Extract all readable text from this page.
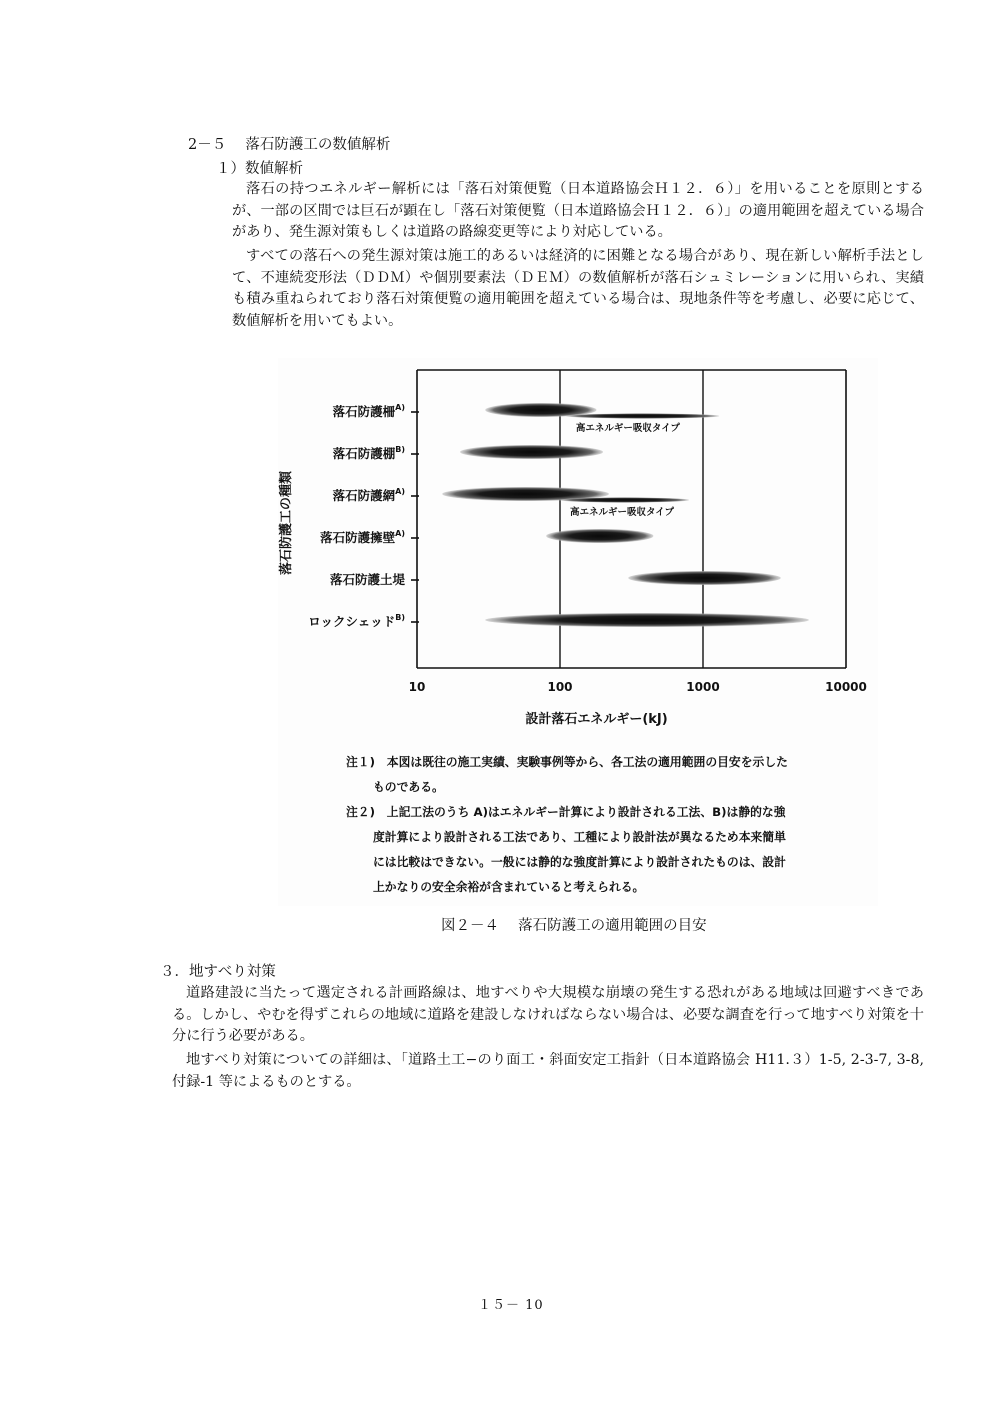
2－５　 落石防護工の数値解析
１）数値解析
落石の持つエネルギー解析には「落石対策便覧（日本道路協会Ｈ１２．６）」を用いることを原則とするが、一部の区間では巨石が顕在し「落石対策便覧（日本道路協会Ｈ１２．６）」の適用範囲を超えている場合があり、発生源対策もしくは道路の路線変更等により対応している。
すべての落石への発生源対策は施工的あるいは経済的に困難となる場合があり、現在新しい解析手法として、不連続変形法（ＤＤＭ）や個別要素法（ＤＥＭ）の数値解析が落石シュミレーションに用いられ、実績も積み重ねられており落石対策便覧の適用範囲を超えている場合は、現地条件等を考慮し、必要に応じて、数値解析を用いてもよい。
10	100	1000	10000
設計落石エネルギー(kJ)
落石防護工の種類
落石防護柵$^{A)}$
高エネルギー吸収タイプ
落石防護棚$^{B)}$
落石防護網$^{A)}$
高エネルギー吸収タイプ
落石防護擁壁$^{A)}$
落石防護土堤
ロックシェッド$^{B)}$
注１)　本図は既往の施工実績、実験事例等から、各工法の適用範囲の目安を示した
ものである。
注２)　上記工法のうち A)はエネルギー計算により設計される工法、B)は静的な強
度計算により設計される工法であり、工種により設計法が異なるため本来簡単
には比較はできない。一般には静的な強度計算により設計されたものは、設計
上かなりの安全余裕が含まれていると考えられる。
図２－４　 落石防護工の適用範囲の目安
３．地すべり対策
道路建設に当たって選定される計画路線は、地すべりや大規模な崩壊の発生する恐れがある地域は回避すべきである。しかし、やむを得ずこれらの地域に道路を建設しなければならない場合は、必要な調査を行って地すべり対策を十分に行う必要がある。
地すべり対策についての詳細は、「道路土工−のり面工・斜面安定工指針（日本道路協会 H11.３）1-5, 2-3-7, 3-8, 付録-1 等によるものとする。
１５－ 10
